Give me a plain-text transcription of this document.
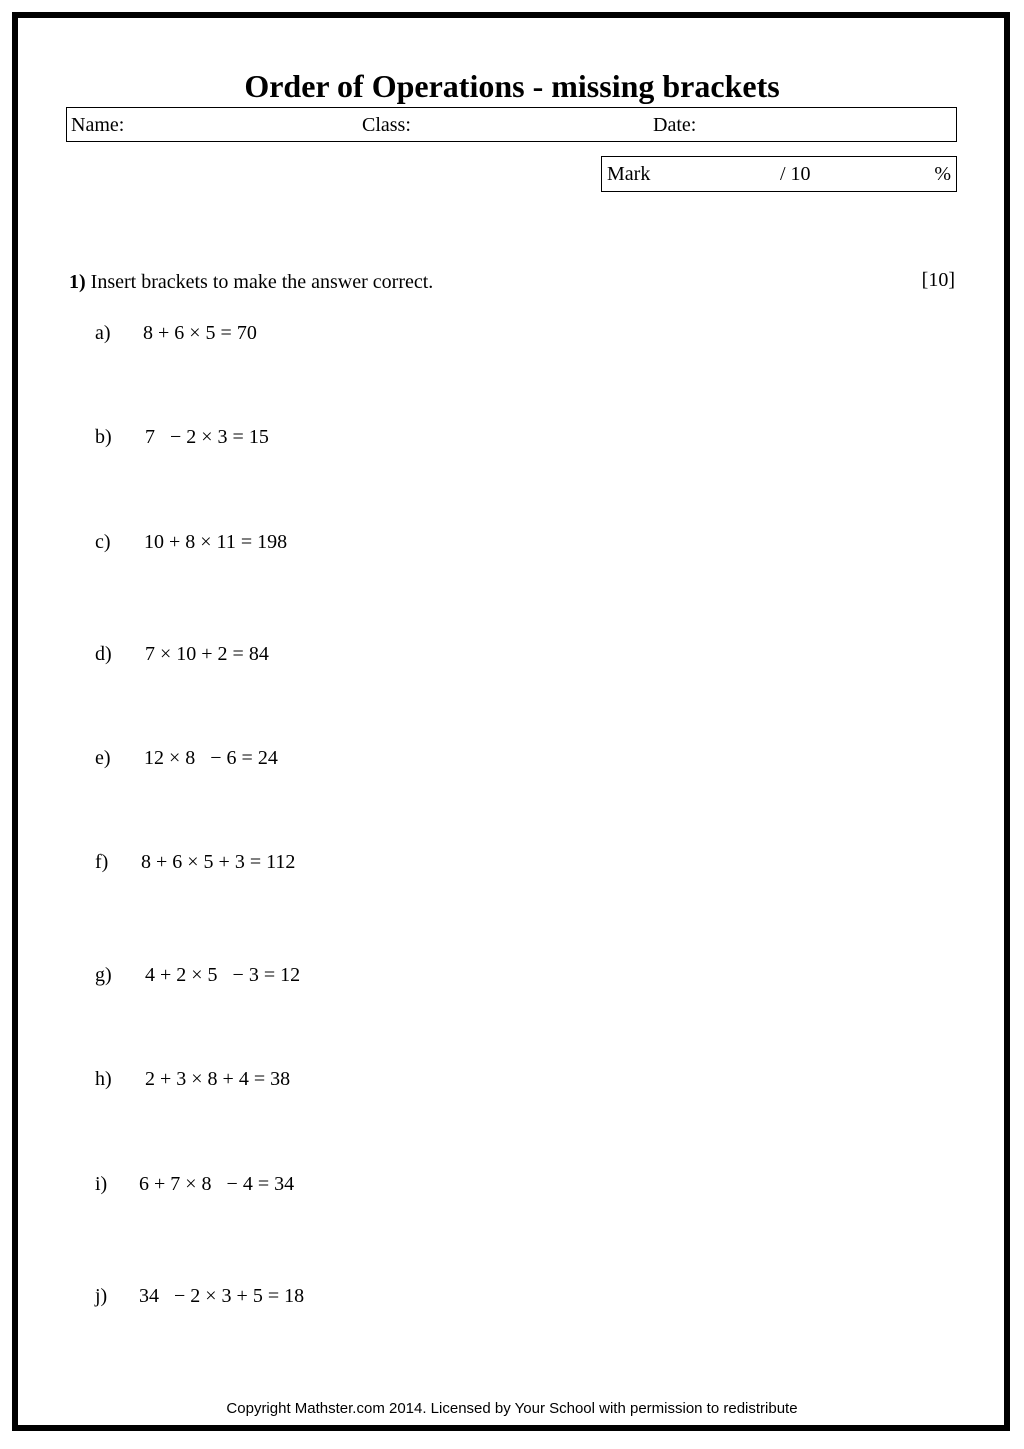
Order of Operations - missing brackets
Name:	Class:	Date:
Mark	/ 10	%
1) Insert brackets to make the answer correct.	[10]
a) 8 + 6 × 5 = 70
b) 7   − 2 × 3 = 15
c) 10 + 8 × 11 = 198
d) 7 × 10 + 2 = 84
e) 12 × 8   − 6 = 24
f) 8 + 6 × 5 + 3 = 112
g) 4 + 2 × 5   − 3 = 12
h) 2 + 3 × 8 + 4 = 38
i) 6 + 7 × 8   − 4 = 34
j) 34   − 2 × 3 + 5 = 18
Copyright Mathster.com 2014. Licensed by Your School with permission to redistribute
